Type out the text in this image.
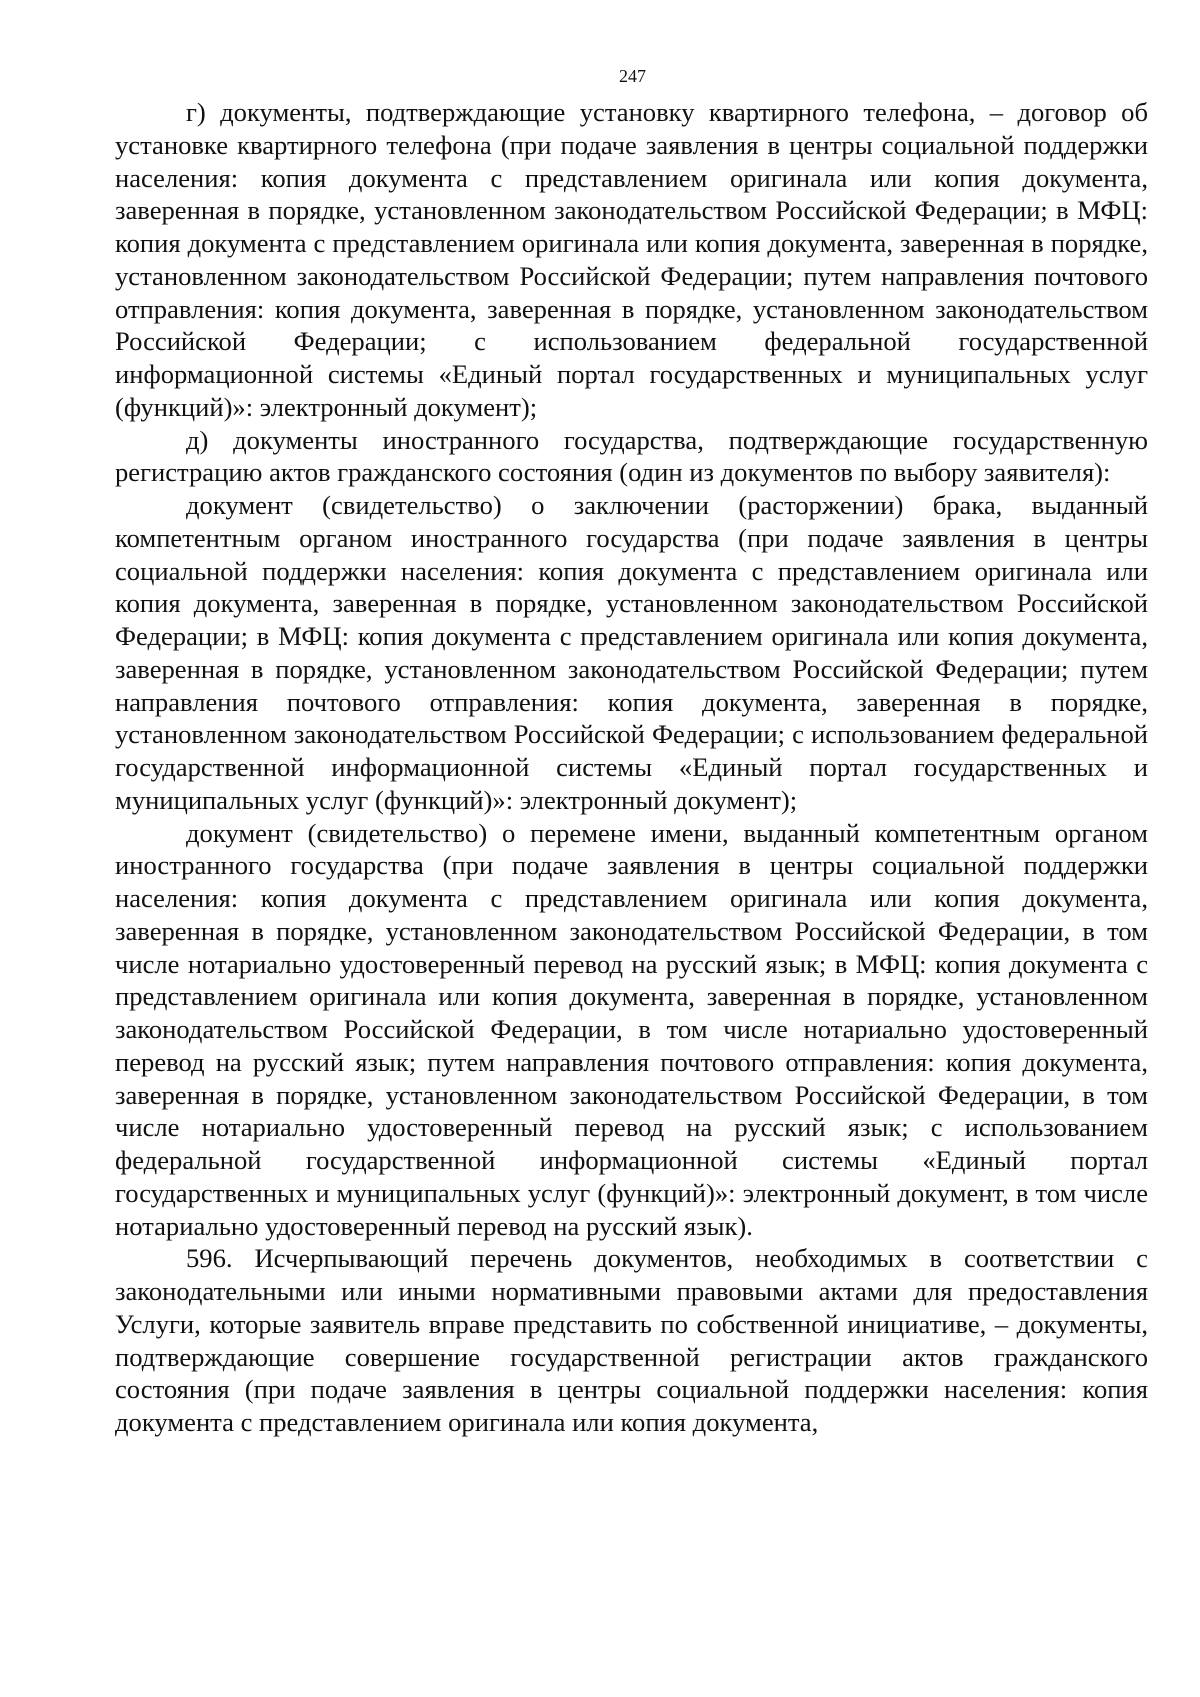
247

г) документы, подтверждающие установку квартирного телефона, – договор об установке квартирного телефона (при подаче заявления в центры социальной поддержки населения: копия документа с представлением оригинала или копия документа, заверенная в порядке, установленном законодательством Российской Федерации; в МФЦ: копия документа с представлением оригинала или копия документа, заверенная в порядке, установленном законодательством Российской Федерации; путем направления почтового отправления: копия документа, заверенная в порядке, установленном законодательством Российской Федерации; с использованием федеральной государственной информационной системы «Единый портал государственных и муниципальных услуг (функций)»: электронный документ);

д) документы иностранного государства, подтверждающие государственную регистрацию актов гражданского состояния (один из документов по выбору заявителя):

документ (свидетельство) о заключении (расторжении) брака, выданный компетентным органом иностранного государства (при подаче заявления в центры социальной поддержки населения: копия документа с представлением оригинала или копия документа, заверенная в порядке, установленном законодательством Российской Федерации; в МФЦ: копия документа с представлением оригинала или копия документа, заверенная в порядке, установленном законодательством Российской Федерации; путем направления почтового отправления: копия документа, заверенная в порядке, установленном законодательством Российской Федерации; с использованием федеральной государственной информационной системы «Единый портал государственных и муниципальных услуг (функций)»: электронный документ);

документ (свидетельство) о перемене имени, выданный компетентным органом иностранного государства (при подаче заявления в центры социальной поддержки населения: копия документа с представлением оригинала или копия документа, заверенная в порядке, установленном законодательством Российской Федерации, в том числе нотариально удостоверенный перевод на русский язык; в МФЦ: копия документа с представлением оригинала или копия документа, заверенная в порядке, установленном законодательством Российской Федерации, в том числе нотариально удостоверенный перевод на русский язык; путем направления почтового отправления: копия документа, заверенная в порядке, установленном законодательством Российской Федерации, в том числе нотариально удостоверенный перевод на русский язык; с использованием федеральной государственной информационной системы «Единый портал государственных и муниципальных услуг (функций)»: электронный документ, в том числе нотариально удостоверенный перевод на русский язык).

596. Исчерпывающий перечень документов, необходимых в соответствии с законодательными или иными нормативными правовыми актами для предоставления Услуги, которые заявитель вправе представить по собственной инициативе, – документы, подтверждающие совершение государственной регистрации актов гражданского состояния (при подаче заявления в центры социальной поддержки населения: копия документа с представлением оригинала или копия документа,
